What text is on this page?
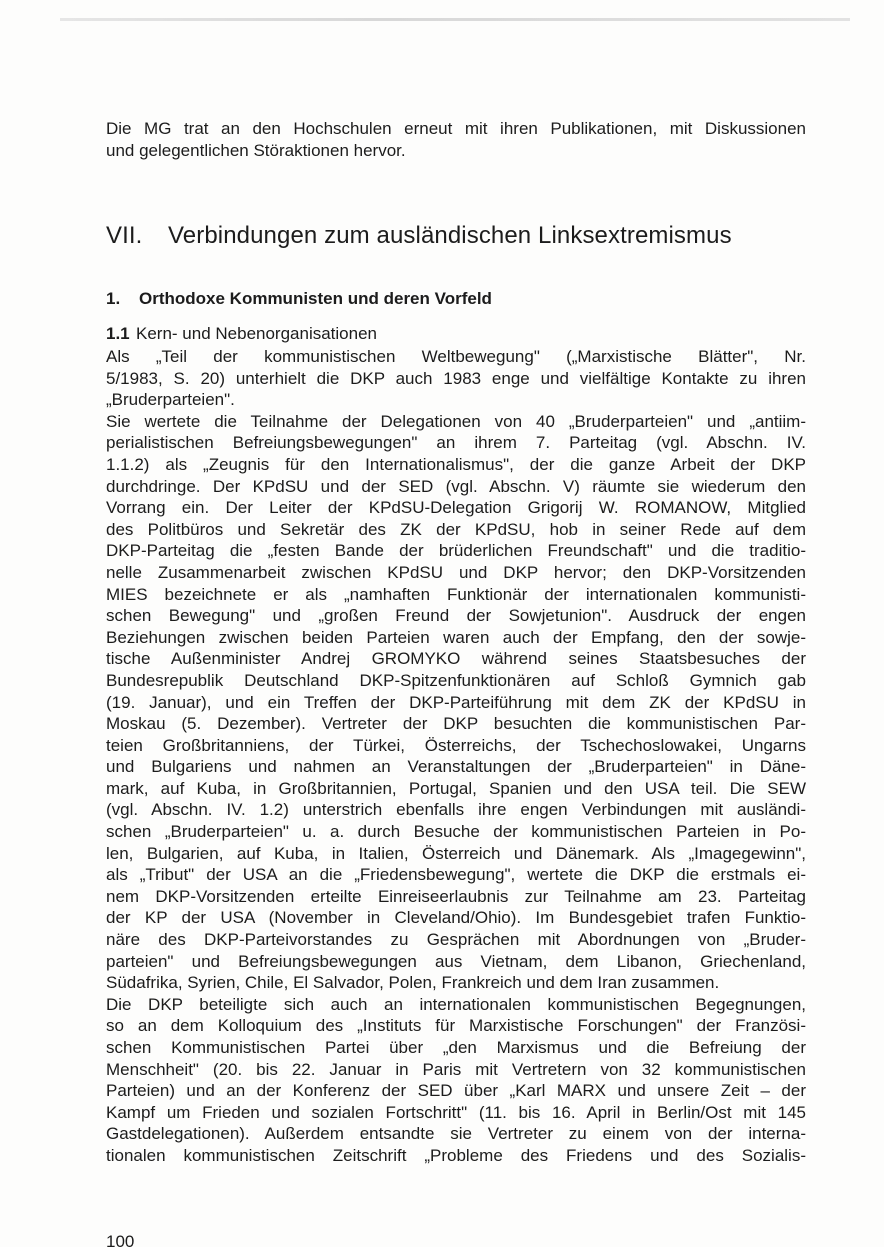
Die MG trat an den Hochschulen erneut mit ihren Publikationen, mit Diskussionen
und gelegentlichen Störaktionen hervor.
VII. Verbindungen zum ausländischen Linksextremismus
1. Orthodoxe Kommunisten und deren Vorfeld
1.1 Kern- und Nebenorganisationen
Als „Teil der kommunistischen Weltbewegung" („Marxistische Blätter", Nr.
5/1983, S. 20) unterhielt die DKP auch 1983 enge und vielfältige Kontakte zu ihren
„Bruderparteien".
Sie wertete die Teilnahme der Delegationen von 40 „Bruderparteien" und „antiim-
perialistischen Befreiungsbewegungen" an ihrem 7. Parteitag (vgl. Abschn. IV.
1.1.2) als „Zeugnis für den Internationalismus", der die ganze Arbeit der DKP
durchdringe. Der KPdSU und der SED (vgl. Abschn. V) räumte sie wiederum den
Vorrang ein. Der Leiter der KPdSU-Delegation Grigorij W. ROMANOW, Mitglied
des Politbüros und Sekretär des ZK der KPdSU, hob in seiner Rede auf dem
DKP-Parteitag die „festen Bande der brüderlichen Freundschaft" und die traditio-
nelle Zusammenarbeit zwischen KPdSU und DKP hervor; den DKP-Vorsitzenden
MIES bezeichnete er als „namhaften Funktionär der internationalen kommunisti-
schen Bewegung" und „großen Freund der Sowjetunion". Ausdruck der engen
Beziehungen zwischen beiden Parteien waren auch der Empfang, den der sowje-
tische Außenminister Andrej GROMYKO während seines Staatsbesuches der
Bundesrepublik Deutschland DKP-Spitzenfunktionären auf Schloß Gymnich gab
(19. Januar), und ein Treffen der DKP-Parteiführung mit dem ZK der KPdSU in
Moskau (5. Dezember). Vertreter der DKP besuchten die kommunistischen Par-
teien Großbritanniens, der Türkei, Österreichs, der Tschechoslowakei, Ungarns
und Bulgariens und nahmen an Veranstaltungen der „Bruderparteien" in Däne-
mark, auf Kuba, in Großbritannien, Portugal, Spanien und den USA teil. Die SEW
(vgl. Abschn. IV. 1.2) unterstrich ebenfalls ihre engen Verbindungen mit ausländi-
schen „Bruderparteien" u. a. durch Besuche der kommunistischen Parteien in Po-
len, Bulgarien, auf Kuba, in Italien, Österreich und Dänemark. Als „Imagegewinn",
als „Tribut" der USA an die „Friedensbewegung", wertete die DKP die erstmals ei-
nem DKP-Vorsitzenden erteilte Einreiseerlaubnis zur Teilnahme am 23. Parteitag
der KP der USA (November in Cleveland/Ohio). Im Bundesgebiet trafen Funktio-
näre des DKP-Parteivorstandes zu Gesprächen mit Abordnungen von „Bruder-
parteien" und Befreiungsbewegungen aus Vietnam, dem Libanon, Griechenland,
Südafrika, Syrien, Chile, El Salvador, Polen, Frankreich und dem Iran zusammen.
Die DKP beteiligte sich auch an internationalen kommunistischen Begegnungen,
so an dem Kolloquium des „Instituts für Marxistische Forschungen" der Französi-
schen Kommunistischen Partei über „den Marxismus und die Befreiung der
Menschheit" (20. bis 22. Januar in Paris mit Vertretern von 32 kommunistischen
Parteien) und an der Konferenz der SED über „Karl MARX und unsere Zeit – der
Kampf um Frieden und sozialen Fortschritt" (11. bis 16. April in Berlin/Ost mit 145
Gastdelegationen). Außerdem entsandte sie Vertreter zu einem von der interna-
tionalen kommunistischen Zeitschrift „Probleme des Friedens und des Sozialis-
100
